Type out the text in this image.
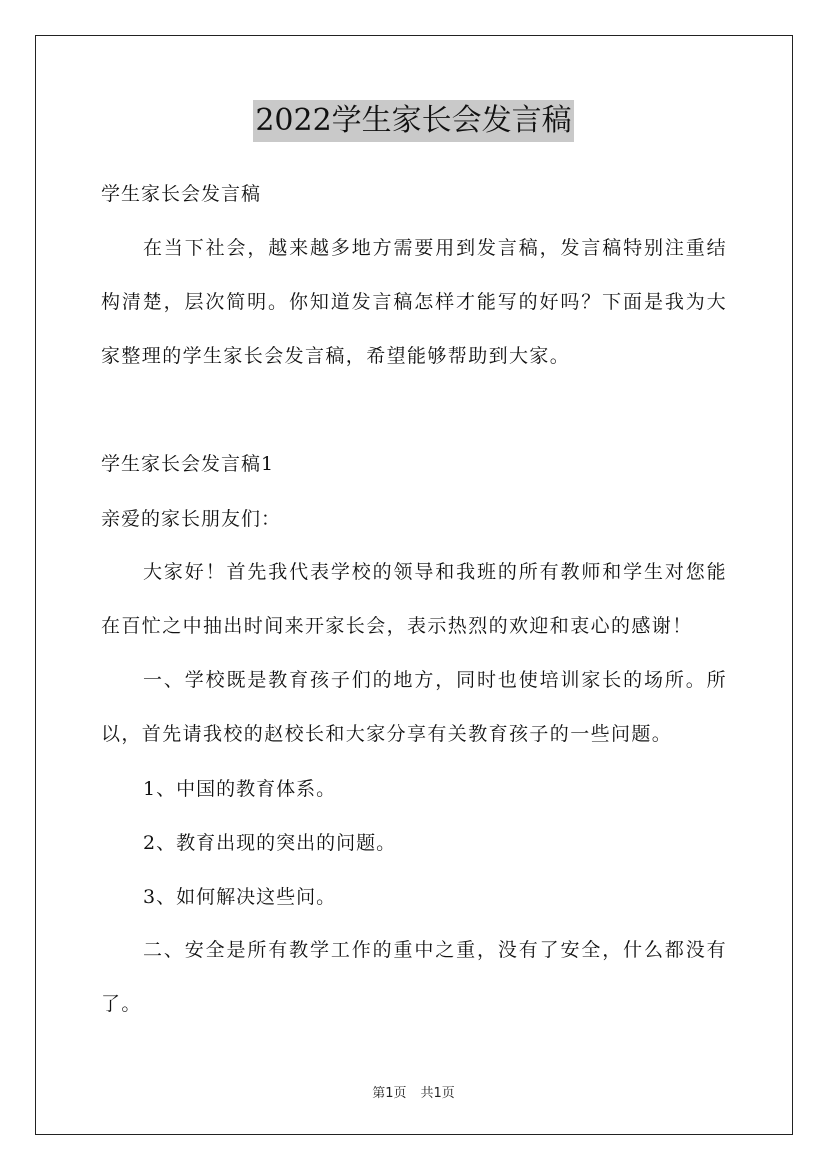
2022学生家长会发言稿
学生家长会发言稿
在当下社会，越来越多地方需要用到发言稿，发言稿特别注重结构清楚，层次简明。你知道发言稿怎样才能写的好吗？下面是我为大家整理的学生家长会发言稿，希望能够帮助到大家。
学生家长会发言稿1
亲爱的家长朋友们：
大家好！首先我代表学校的领导和我班的所有教师和学生对您能在百忙之中抽出时间来开家长会，表示热烈的欢迎和衷心的感谢！
一、学校既是教育孩子们的地方，同时也使培训家长的场所。所以，首先请我校的赵校长和大家分享有关教育孩子的一些问题。
1、中国的教育体系。
2、教育出现的突出的问题。
3、如何解决这些问。
二、安全是所有教学工作的重中之重，没有了安全，什么都没有了。
第1页 共1页
